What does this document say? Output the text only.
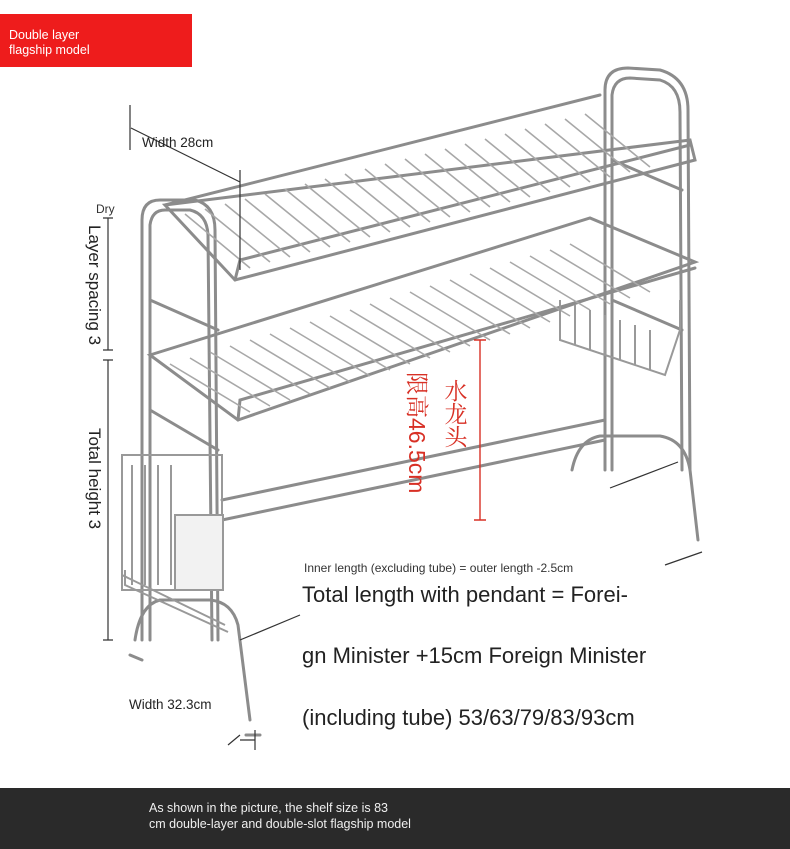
Double layer
flagship model
Width 28cm
Dry
Layer spacing 3
Total height 3
Width 32.3cm
水龙头
限高46.5cm
Inner length (excluding tube) = outer length -2.5cm
Total length with pendant = Forei-
gn Minister +15cm Foreign Minister
(including tube) 53/63/79/83/93cm
As shown in the picture, the shelf size is 83
cm double-layer and double-slot flagship model
